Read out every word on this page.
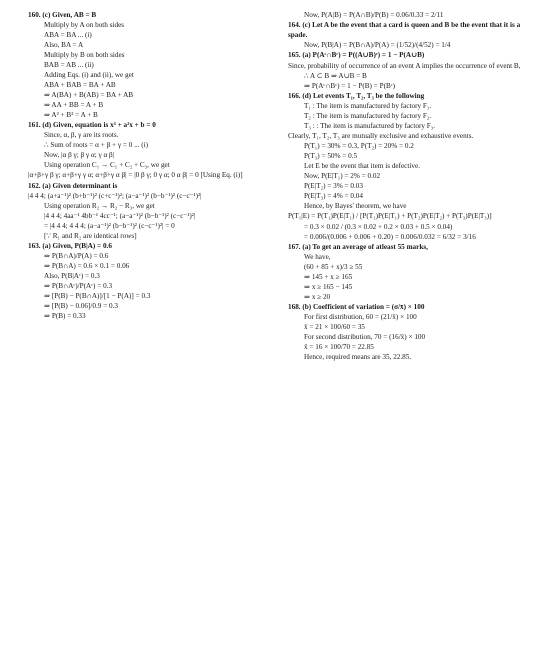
160. (c) Given, AB = B
Multiply by A on both sides
ABA = BA ... (i)
Also, BA = A
Multiply by B on both sides
BAB = AB ... (ii)
Adding Eqs. (i) and (ii), we get
ABA + BAB = BA + AB
⇒ A(BA) + B(AB) = BA + AB
⇒ AA + BB = A + B
⇒ A² + B² = A + B
161. (d) Given, equation is x³ + a²x + b = 0
Since, α, β, γ are its roots.
∴ Sum of roots = α + β + γ = 0 ... (i)
Now, |α β γ; β γ α; γ α β|
Using operation C₁ → C₁ + C₂ + C₃, we get
|α+β+γ β γ; α+β+γ γ α; α+β+γ α β| = |0 β γ; 0 γ α; 0 α β| = 0 [Using Eq. (i)]
162. (a) Given determinant is
|4 4 4; (a+a⁻¹)² (b+b⁻¹)² (c+c⁻¹)²; (a−a⁻¹)² (b−b⁻¹)² (c−c⁻¹)²|
Using operation R₂ → R₂ − R₃, we get
|4 4 4; 4aa⁻¹ 4bb⁻¹ 4cc⁻¹; (a−a⁻¹)² (b−b⁻¹)² (c−c⁻¹)²|
= |4 4 4; 4 4 4; (a−a⁻¹)² (b−b⁻¹)² (c−c⁻¹)²| = 0
[∵ R₁ and R₂ are identical rows]
163. (a) Given, P(B|A) = 0.6
⇒ P(B∩A)/P(A) = 0.6
⇒ P(B∩A) = 0.6 × 0.1 = 0.06
Also, P(B|Aᶜ) = 0.3
⇒ P(B∩Aᶜ)/P(Aᶜ) = 0.3
⇒ [P(B) − P(B∩A)]/[1 − P(A)] = 0.3
⇒ [P(B) − 0.06]/0.9 = 0.3
⇒ P(B) = 0.33
Now, P(A|B) = P(A∩B)/P(B) = 0.06/0.33 = 2/11
164. (c) Let A be the event that a card is queen and B be the event that it is a spade.
Now, P(B|A) = P(B∩A)/P(A) = (1/52)/(4/52) = 1/4
165. (a) P(Aᶜ∩Bᶜ) = P((A∪B)ᶜ) = 1 − P(A∪B)
Since, probability of occurrence of an event A implies the occurrence of event B,
∴ A ⊂ B ⇒ A∪B = B
⇒ P(Aᶜ∩Bᶜ) = 1 − P(B) = P(Bᶜ)
166. (d) Let events T₁, T₂, T₃ be the following
T₁ : The item is manufactured by factory F₁.
T₂ : The item is manufactured by factory F₂.
T₃ : : The item is manufactured by factory F₃.
Clearly, T₁, T₂, T₃ are mutually exclusive and exhaustive events.
P(T₁) = 30% = 0.3, P(T₂) = 20% = 0.2
P(T₃) = 50% = 0.5
Let E be the event that item is defective.
Now, P(E|T₁) = 2% = 0.02
P(E|T₂) = 3% = 0.03
P(E|T₃) = 4% = 0.04
Hence, by Bayes' theorem, we have
P(T₁|E) = P(T₁)P(E|T₁) / [P(T₁)P(E|T₁) + P(T₂)P(E|T₂) + P(T₃)P(E|T₃)]
= 0.3 × 0.02 / (0.3 × 0.02 + 0.2 × 0.03 + 0.5 × 0.04)
= 0.006/(0.006 + 0.006 + 0.20) = 0.006/0.032 = 6/32 = 3/16
167. (a) To get an average of atleast 55 marks,
We have,
(60 + 85 + x)/3 ≥ 55
⇒ 145 + x ≥ 165
⇒ x ≥ 165 − 145
⇒ x ≥ 20
168. (b) Coefficient of variation = (σ/x̄) × 100
For first distribution, 60 = (21/x̄) × 100
x̄ = 21 × 100/60 = 35
For second distribution, 70 = (16/x̄) × 100
x̄ = 16 × 100/70 = 22.85
Hence, required means are 35, 22.85.
